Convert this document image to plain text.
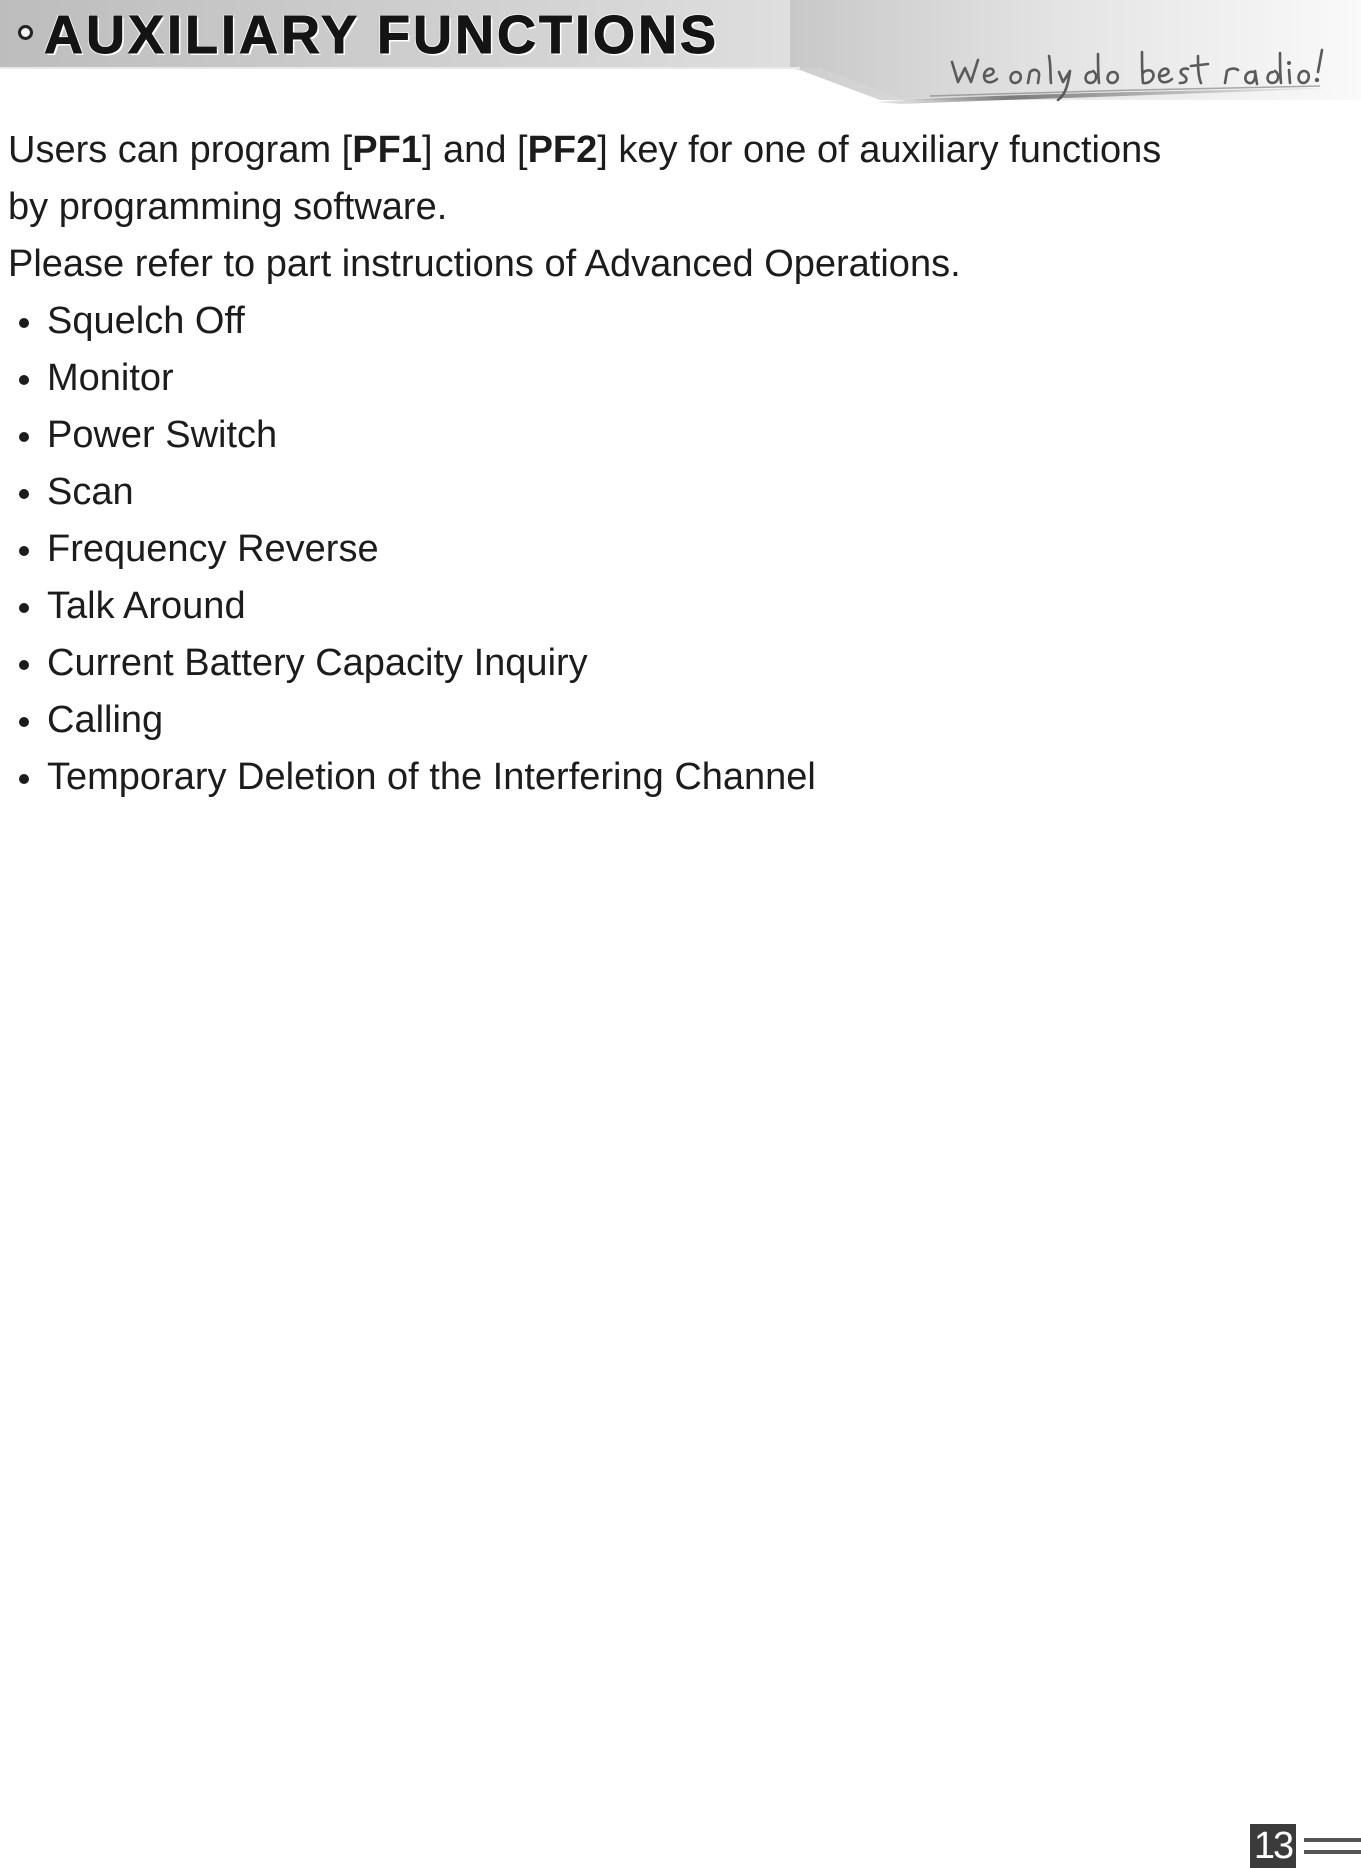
AUXILIARY FUNCTIONS

Users can program [PF1] and [PF2] key for one of auxiliary functions

by programming software.

Please refer to part instructions of Advanced Operations.

Squelch Off
Monitor
Power Switch
Scan
Frequency Reverse
Talk Around
Current Battery Capacity Inquiry
Calling
Temporary Deletion of the Interfering Channel
13
